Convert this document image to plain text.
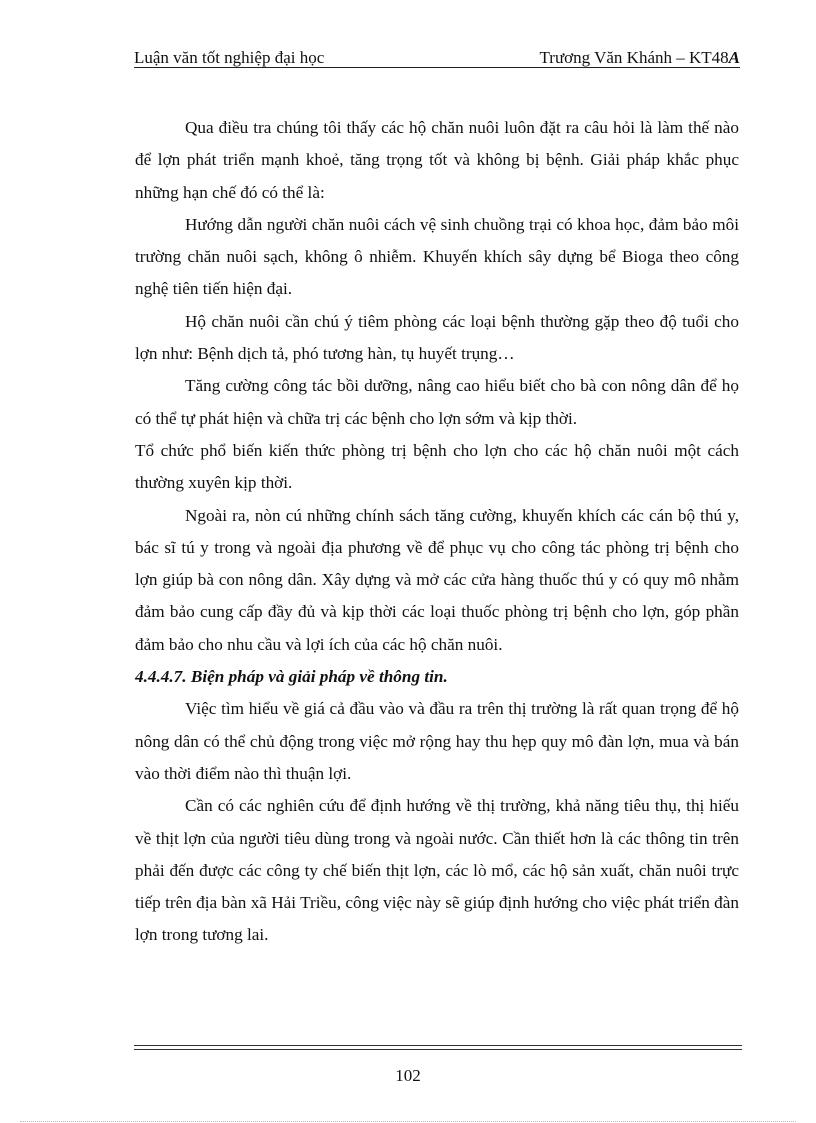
Luận văn tốt nghiệp đại học	Trương Văn Khánh – KT48A

Qua điều tra chúng tôi thấy các hộ chăn nuôi luôn đặt ra câu hỏi là làm thế nào để lợn phát triển mạnh khoẻ, tăng trọng tốt và không bị bệnh. Giải pháp khắc phục những hạn chế đó có thể là:

Hướng dẫn người chăn nuôi cách vệ sinh chuồng trại có khoa học, đảm bảo môi trường chăn nuôi sạch, không ô nhiễm. Khuyến khích sây dựng bể Bioga theo công nghệ tiên tiến hiện đại.

Hộ chăn nuôi cần chú ý tiêm phòng các loại bệnh thường gặp theo độ tuổi cho lợn như: Bệnh dịch tả, phó tương hàn, tụ huyết trụng…

Tăng cường công tác bồi dưỡng, nâng cao hiểu biết cho bà con nông dân để họ có thể tự phát hiện và chữa trị các bệnh cho lợn sớm và kịp thời.

Tổ chức phổ biến kiến thức phòng trị bệnh cho lợn cho các hộ chăn nuôi một cách thường xuyên kịp thời.

Ngoài ra, nòn cú những chính sách tăng cường, khuyến khích các cán bộ thú y, bác sĩ tú y trong và ngoài địa phương về để phục vụ cho công tác phòng trị bệnh cho lợn giúp bà con nông dân. Xây dựng và mở các cửa hàng thuốc thú y có quy mô nhằm đảm bảo cung cấp đầy đủ và kịp thời các loại thuốc phòng trị bệnh cho lợn, góp phần đảm bảo cho nhu cầu và lợi ích của các hộ chăn nuôi.

4.4.4.7. Biện pháp và giải pháp về thông tin.

Việc tìm hiểu về giá cả đầu vào và đầu ra trên thị trường là rất quan trọng để hộ nông dân có thể chủ động trong việc mở rộng hay thu hẹp quy mô đàn lợn, mua và bán vào thời điểm nào thì thuận lợi.

Cần có các nghiên cứu để định hướng về thị trường, khả năng tiêu thụ, thị hiếu về thịt lợn của người tiêu dùng trong và ngoài nước. Cần thiết hơn là các thông tin trên phải đến được các công ty chế biến thịt lợn, các lò mổ, các hộ sản xuất, chăn nuôi trực tiếp trên địa bàn xã Hải Triều, công việc này sẽ giúp định hướng cho việc phát triển đàn lợn trong tương lai.

102
